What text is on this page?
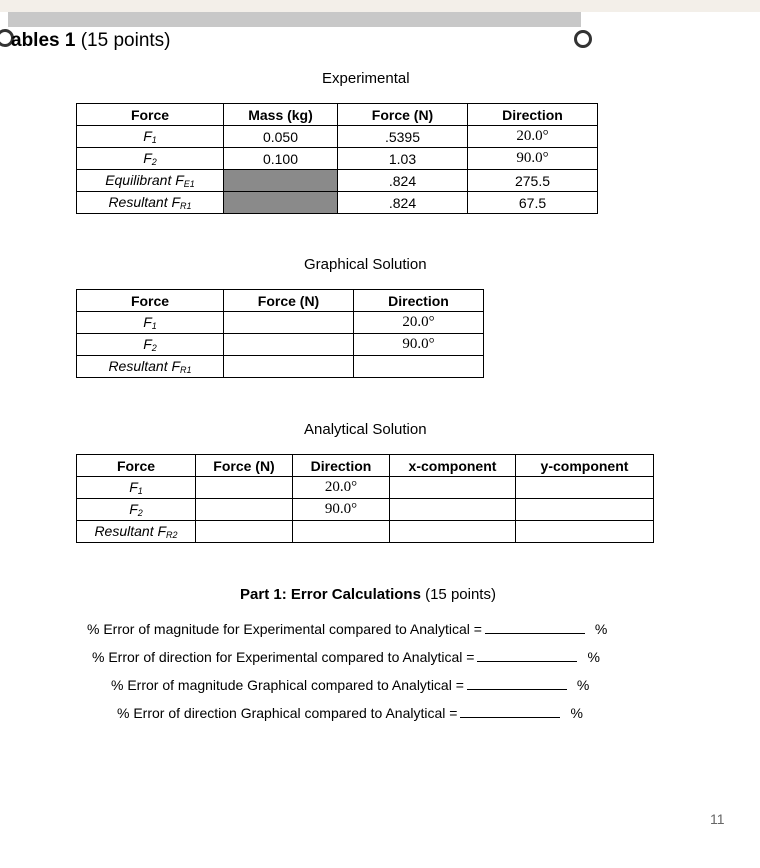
ables 1 (15 points)
Experimental
Force	Mass (kg)	Force (N)	Direction
$F_1$	0.050	.5395	20.0°
$F_2$	0.100	1.03	90.0°
Equilibrant $F_{E1}$		.824	275.5
Resultant $F_{R1}$		.824	67.5
Graphical Solution
Force	Force (N)	Direction
$F_1$		20.0°
$F_2$		90.0°
Resultant $F_{R1}$		
Analytical Solution
Force	Force (N)	Direction	x-component	y-component
$F_1$		20.0°		
$F_2$		90.0°		
Resultant $F_{R2}$				
Part 1: Error Calculations (15 points)
% Error of magnitude for Experimental compared to Analytical =	%
% Error of direction for Experimental compared to Analytical =	%
% Error of magnitude Graphical compared to Analytical =	%
% Error of direction Graphical compared to Analytical =	%
11
